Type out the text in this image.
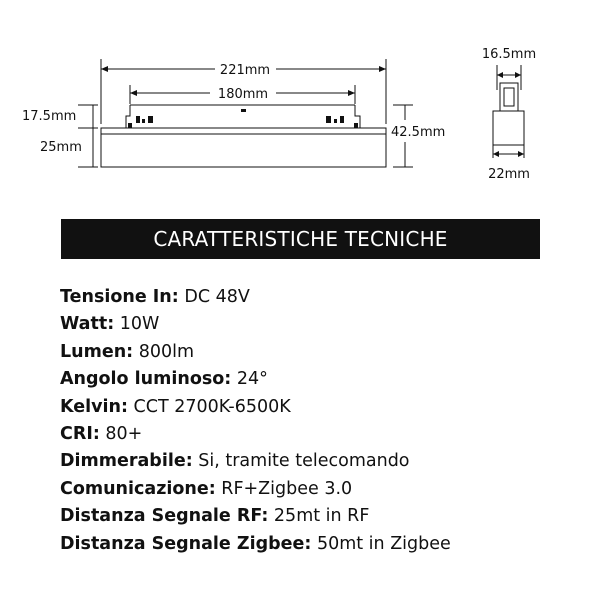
221mm
180mm
17.5mm
25mm
42.5mm
16.5mm
22mm
CARATTERISTICHE TECNICHE
Tensione In: DC 48V
Watt: 10W
Lumen: 800lm
Angolo luminoso: 24°
Kelvin: CCT 2700K-6500K
CRI: 80+
Dimmerabile: Si, tramite telecomando
Comunicazione: RF+Zigbee 3.0
Distanza Segnale RF: 25mt in RF
Distanza Segnale Zigbee: 50mt in Zigbee
